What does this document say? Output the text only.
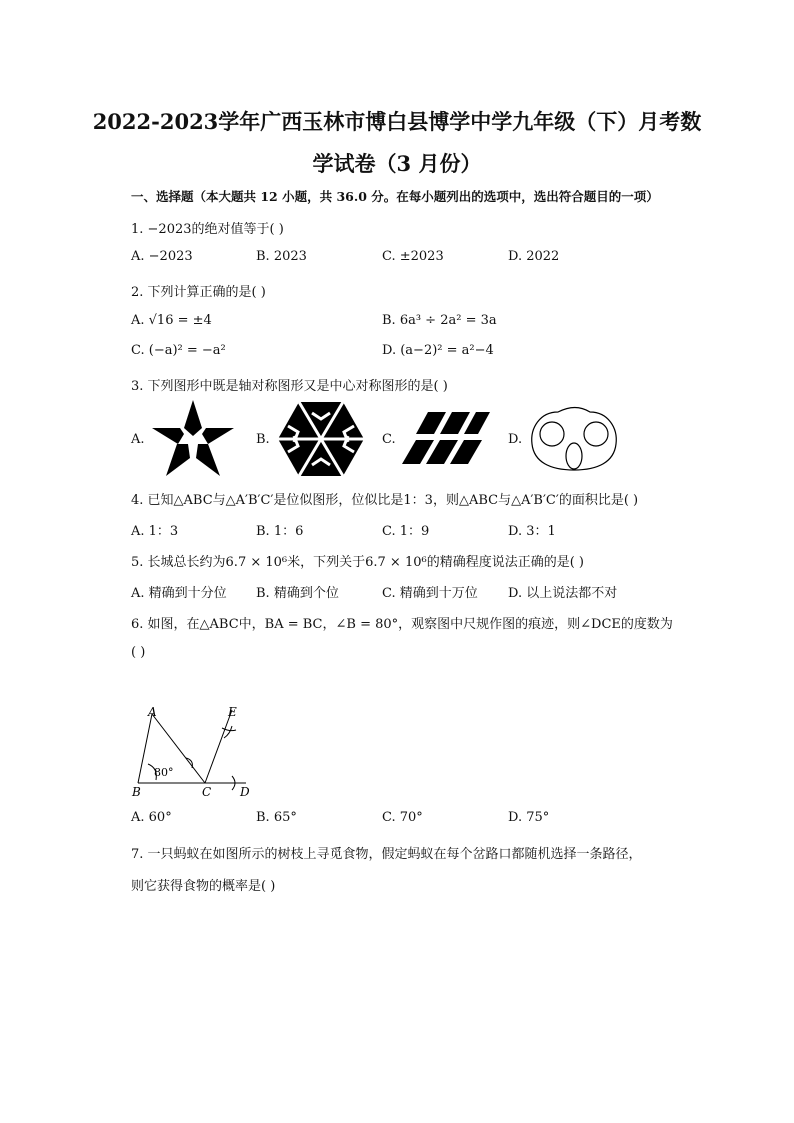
2022-2023学年广西玉林市博白县博学中学九年级（下）月考数
学试卷（3 月份）
一、选择题（本大题共 12 小题，共 36.0 分。在每小题列出的选项中，选出符合题目的一项）
1. −2023的绝对值等于( )
A. −2023	B. 2023	C. ±2023	D. 2022
2. 下列计算正确的是( )
A. √16 = ±4	B. 6a³ ÷ 2a² = 3a
C. (−a)² = −a²	D. (a−2)² = a²−4
3. 下列图形中既是轴对称图形又是中心对称图形的是( )
A.	B.	C.	D.
4. 已知△ABC与△A′B′C′是位似图形，位似比是1：3，则△ABC与△A′B′C′的面积比是( )
A. 1：3	B. 1：6	C. 1：9	D. 3：1
5. 长城总长约为6.7 × 10⁶米，下列关于6.7 × 10⁶的精确程度说法正确的是( )
A. 精确到十分位 B. 精确到个位	C. 精确到十万位 D. 以上说法都不对
6. 如图，在△ABC中，BA = BC，∠B = 80°，观察图中尺规作图的痕迹，则∠DCE的度数为
( )
A
B	C D
E
80°
A. 60°	B. 65°	C. 70°	D. 75°
7. 一只蚂蚁在如图所示的树枝上寻觅食物，假定蚂蚁在每个岔路口都随机选择一条路径，
则它获得食物的概率是( )
